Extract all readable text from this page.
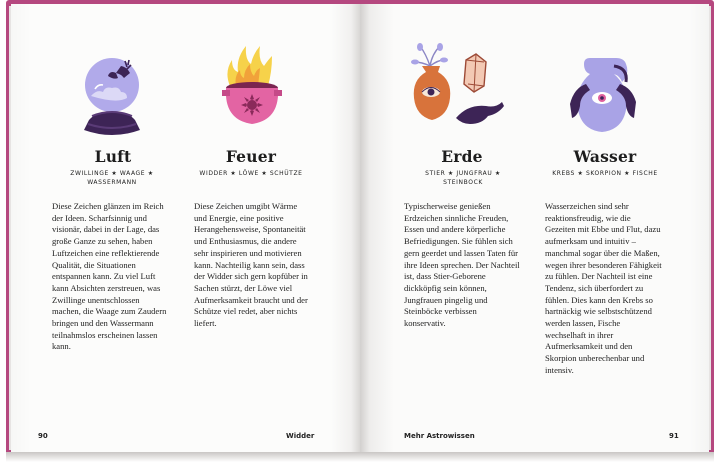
Luft	Feuer
ZWILLINGE ★ WAAGE ★ WASSERMANN
WIDDER ★ LÖWE ★ SCHÜTZE
Diese Zeichen glänzen im Reich der Ideen. Scharfsinnig und visionär, dabei in der Lage, das große Ganze zu sehen, haben Luftzeichen eine reflektierende Qualität, die Situationen entspannen kann. Zu viel Luft kann Absichten zerstreuen, was Zwillinge unentschlossen machen, die Waage zum Zaudern bringen und den Wassermann teilnahmslos erscheinen lassen kann.
Diese Zeichen umgibt Wärme und Energie, eine positive Herangehensweise, Spontaneität und Enthusiasmus, die andere sehr inspirieren und motivieren kann. Nachteilig kann sein, dass der Widder sich gern kopfüber in Sachen stürzt, der Löwe viel Aufmerksamkeit braucht und der Schütze viel redet, aber nichts liefert.
90	Widder
Erde	Wasser
STIER ★ JUNGFRAU ★ STEINBOCK
KREBS ★ SKORPION ★ FISCHE
Typischerweise genießen Erdzeichen sinnliche Freuden, Essen und andere körperliche Befriedigungen. Sie fühlen sich gern geerdet und lassen Taten für ihre Ideen sprechen. Der Nachteil ist, dass Stier-Geborene dickköpfig sein können, Jungfrauen pingelig und Steinböcke verbissen konservativ.
Wasserzeichen sind sehr reaktionsfreudig, wie die Gezeiten mit Ebbe und Flut, dazu aufmerksam und intuitiv – manchmal sogar über die Maßen, wegen ihrer besonderen Fähigkeit zu fühlen. Der Nachteil ist eine Tendenz, sich überfordert zu fühlen. Dies kann den Krebs so hartnäckig wie selbstschützend werden lassen, Fische wechselhaft in ihrer Aufmerksamkeit und den Skorpion unberechenbar und intensiv.
Mehr Astrowissen	91
